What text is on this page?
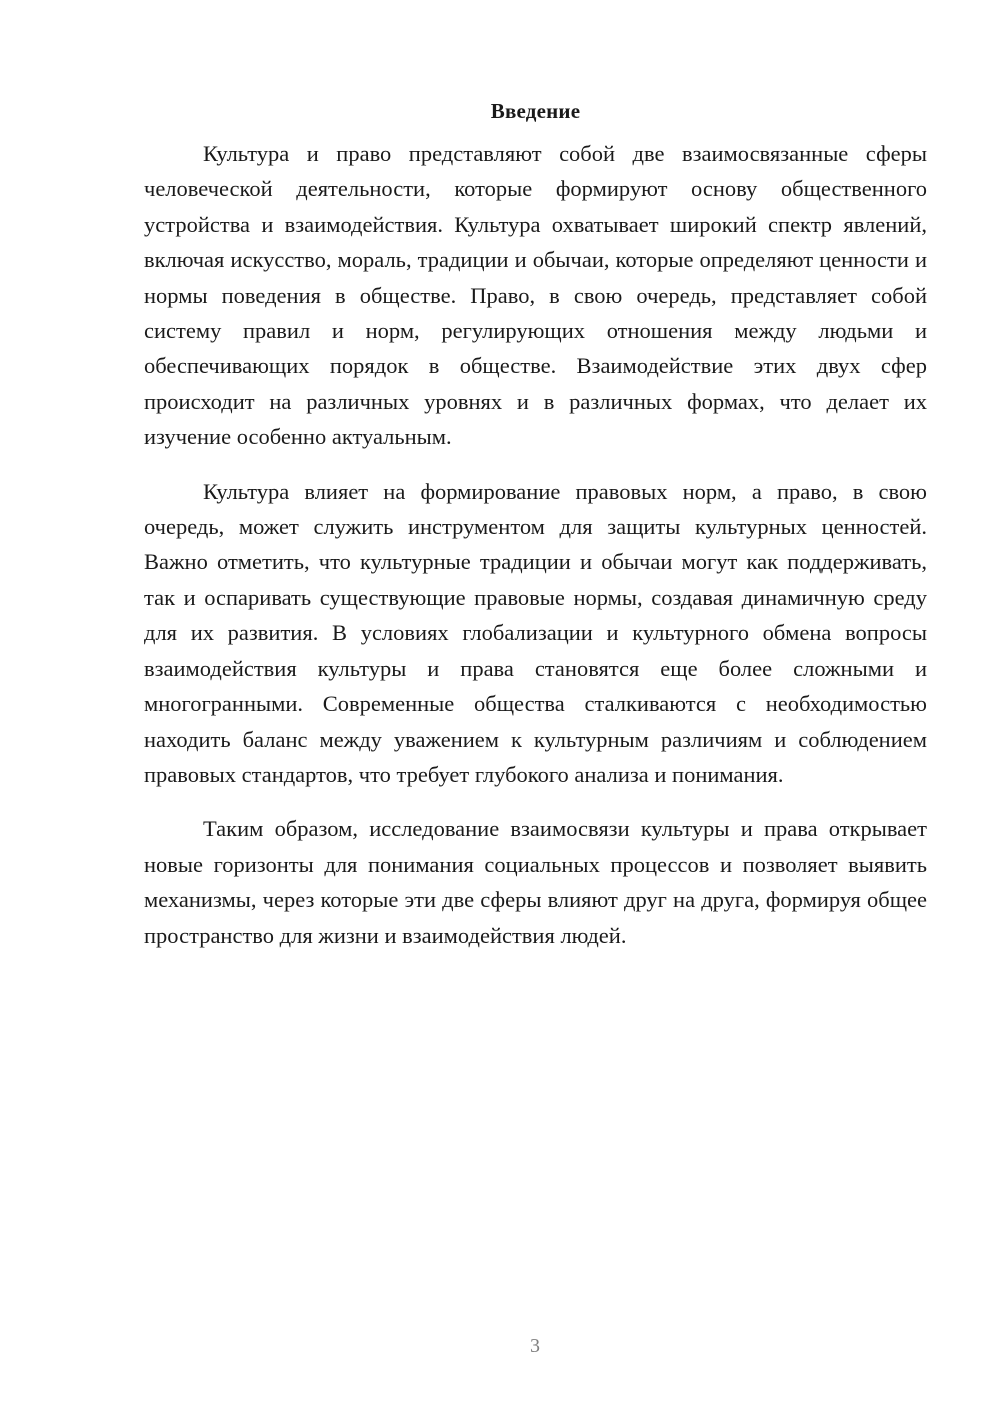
Введение

Культура и право представляют собой две взаимосвязанные сферы человеческой деятельности, которые формируют основу общественного устройства и взаимодействия. Культура охватывает широкий спектр явлений, включая искусство, мораль, традиции и обычаи, которые определяют ценности и нормы поведения в обществе. Право, в свою очередь, представляет собой систему правил и норм, регулирующих отношения между людьми и обеспечивающих порядок в обществе. Взаимодействие этих двух сфер происходит на различных уровнях и в различных формах, что делает их изучение особенно актуальным.

Культура влияет на формирование правовых норм, а право, в свою очередь, может служить инструментом для защиты культурных ценностей. Важно отметить, что культурные традиции и обычаи могут как поддерживать, так и оспаривать существующие правовые нормы, создавая динамичную среду для их развития. В условиях глобализации и культурного обмена вопросы взаимодействия культуры и права становятся еще более сложными и многогранными. Современные общества сталкиваются с необходимостью находить баланс между уважением к культурным различиям и соблюдением правовых стандартов, что требует глубокого анализа и понимания.

Таким образом, исследование взаимосвязи культуры и права открывает новые горизонты для понимания социальных процессов и позволяет выявить механизмы, через которые эти две сферы влияют друг на друга, формируя общее пространство для жизни и взаимодействия людей.

3
